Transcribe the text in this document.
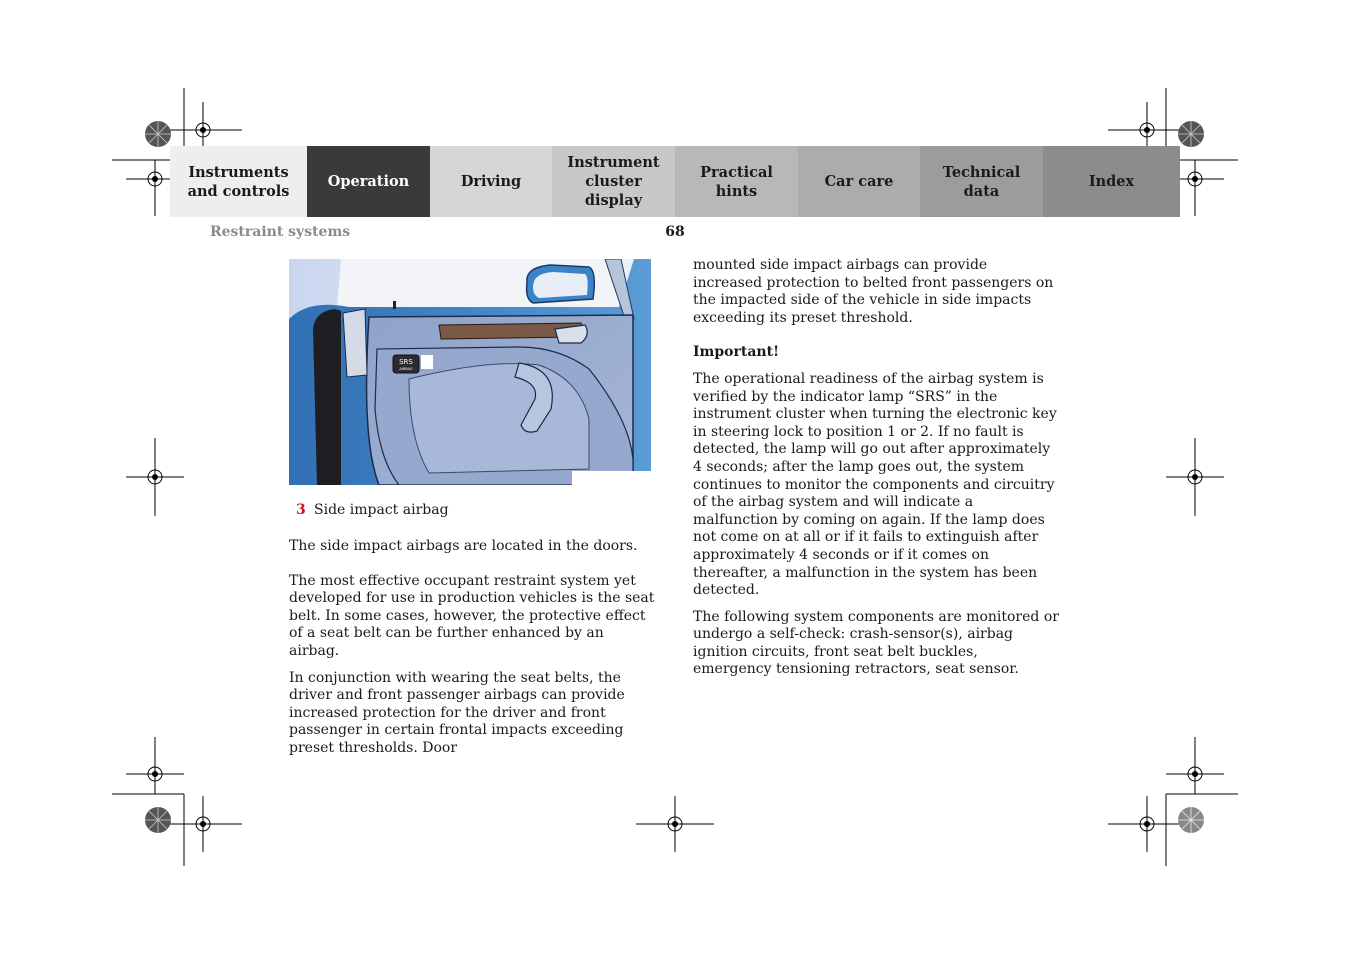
Instruments
and controls
Operation	Driving
Instrument
cluster display
Practical hints
Car care
Technical
data
Index
Restraint systems	68
SRS
AIRBAG
3 Side impact airbag

The side impact airbags are located in the doors.

The most effective occupant restraint system yet developed for use in production vehicles is the seat belt. In some cases, however, the protective effect of a seat belt can be further enhanced by an airbag.

In conjunction with wearing the seat belts, the driver and front passenger airbags can provide increased protection for the driver and front passenger in certain frontal impacts exceeding preset thresholds. Door

mounted side impact airbags can provide increased protection to belted front passengers on the impacted side of the vehicle in side impacts exceeding its preset threshold.

Important!

The operational readiness of the airbag system is verified by the indicator lamp “SRS” in the instrument cluster when turning the electronic key in steering lock to position 1 or 2. If no fault is detected, the lamp will go out after approximately 4 seconds; after the lamp goes out, the system continues to monitor the components and circuitry of the airbag system and will indicate a malfunction by coming on again. If the lamp does not come on at all or if it fails to extinguish after approximately 4 seconds or if it comes on thereafter, a malfunction in the system has been detected.

The following system components are monitored or undergo a self-check: crash-sensor(s), airbag ignition circuits, front seat belt buckles, emergency tensioning retractors, seat sensor.
